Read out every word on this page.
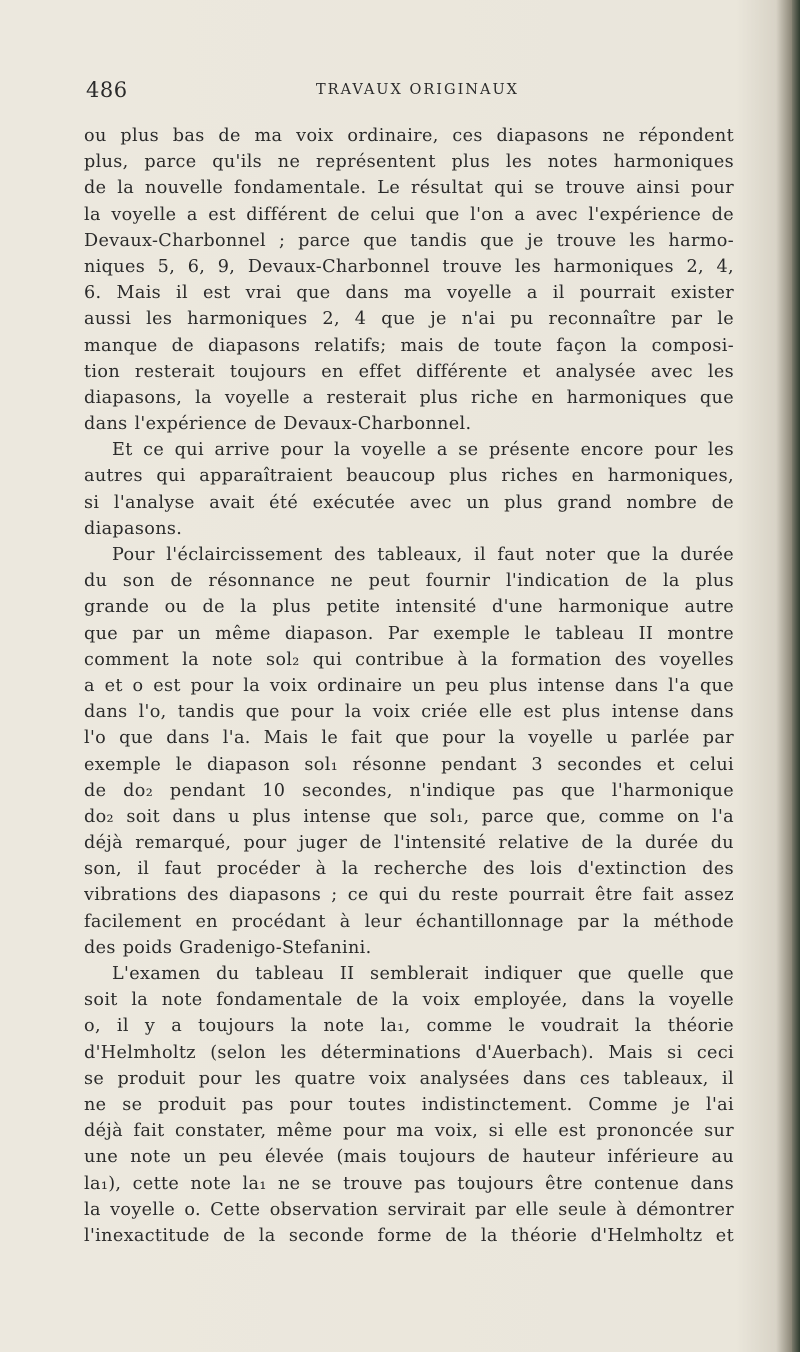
486	TRAVAUX ORIGINAUX
ou plus bas de ma voix ordinaire, ces diapasons ne répondent
plus, parce qu'ils ne représentent plus les notes harmoniques
de la nouvelle fondamentale. Le résultat qui se trouve ainsi pour
la voyelle a est différent de celui que l'on a avec l'expérience de
Devaux-Charbonnel ; parce que tandis que je trouve les harmo-
niques 5, 6, 9, Devaux-Charbonnel trouve les harmoniques 2, 4,
6. Mais il est vrai que dans ma voyelle a il pourrait exister
aussi les harmoniques 2, 4 que je n'ai pu reconnaître par le
manque de diapasons relatifs; mais de toute façon la composi-
tion resterait toujours en effet différente et analysée avec les
diapasons, la voyelle a resterait plus riche en harmoniques que
dans l'expérience de Devaux-Charbonnel.
Et ce qui arrive pour la voyelle a se présente encore pour les
autres qui apparaîtraient beaucoup plus riches en harmoniques,
si l'analyse avait été exécutée avec un plus grand nombre de
diapasons.
Pour l'éclaircissement des tableaux, il faut noter que la durée
du son de résonnance ne peut fournir l'indication de la plus
grande ou de la plus petite intensité d'une harmonique autre
que par un même diapason. Par exemple le tableau II montre
comment la note sol₂ qui contribue à la formation des voyelles
a et o est pour la voix ordinaire un peu plus intense dans l'a que
dans l'o, tandis que pour la voix criée elle est plus intense dans
l'o que dans l'a. Mais le fait que pour la voyelle u parlée par
exemple le diapason sol₁ résonne pendant 3 secondes et celui
de do₂ pendant 10 secondes, n'indique pas que l'harmonique
do₂ soit dans u plus intense que sol₁, parce que, comme on l'a
déjà remarqué, pour juger de l'intensité relative de la durée du
son, il faut procéder à la recherche des lois d'extinction des
vibrations des diapasons ; ce qui du reste pourrait être fait assez
facilement en procédant à leur échantillonnage par la méthode
des poids Gradenigo-Stefanini.
L'examen du tableau II semblerait indiquer que quelle que
soit la note fondamentale de la voix employée, dans la voyelle
o, il y a toujours la note la₁, comme le voudrait la théorie
d'Helmholtz (selon les déterminations d'Auerbach). Mais si ceci
se produit pour les quatre voix analysées dans ces tableaux, il
ne se produit pas pour toutes indistinctement. Comme je l'ai
déjà fait constater, même pour ma voix, si elle est prononcée sur
une note un peu élevée (mais toujours de hauteur inférieure au
la₁), cette note la₁ ne se trouve pas toujours être contenue dans
la voyelle o. Cette observation servirait par elle seule à démontrer
l'inexactitude de la seconde forme de la théorie d'Helmholtz et
